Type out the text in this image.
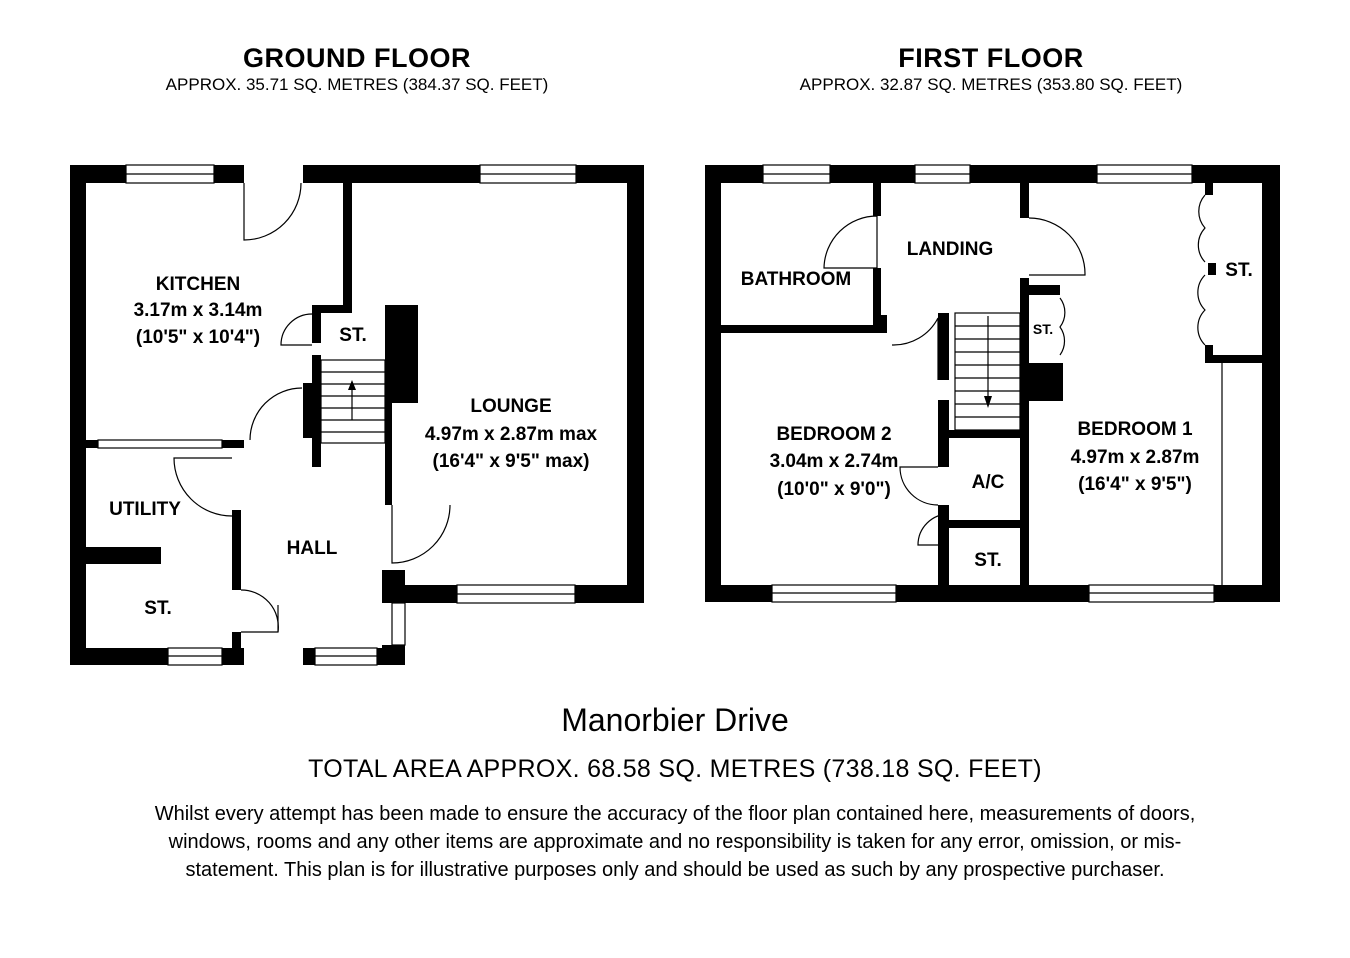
GROUND FLOOR
APPROX. 35.71 SQ. METRES (384.37 SQ. FEET)
FIRST FLOOR
APPROX. 32.87 SQ. METRES (353.80 SQ. FEET)
KITCHEN
3.17m x 3.14m
(10'5" x 10'4")	ST.
LOUNGE
4.97m x 2.87m max
(16'4" x 9'5" max)
UTILITY
HALL
ST.
BATHROOM
LANDING
ST.
ST.
BEDROOM 2
3.04m x 2.74m
(10'0" x 9'0")
BEDROOM 1
4.97m x 2.87m
(16'4" x 9'5")
A/C
ST.
Manorbier Drive
TOTAL AREA APPROX. 68.58 SQ. METRES (738.18 SQ. FEET)
Whilst every attempt has been made to ensure the accuracy of the floor plan contained here, measurements of doors, windows, rooms and any other items are approximate and no responsibility is taken for any error, omission, or mis-statement. This plan is for illustrative purposes only and should be used as such by any prospective purchaser.
